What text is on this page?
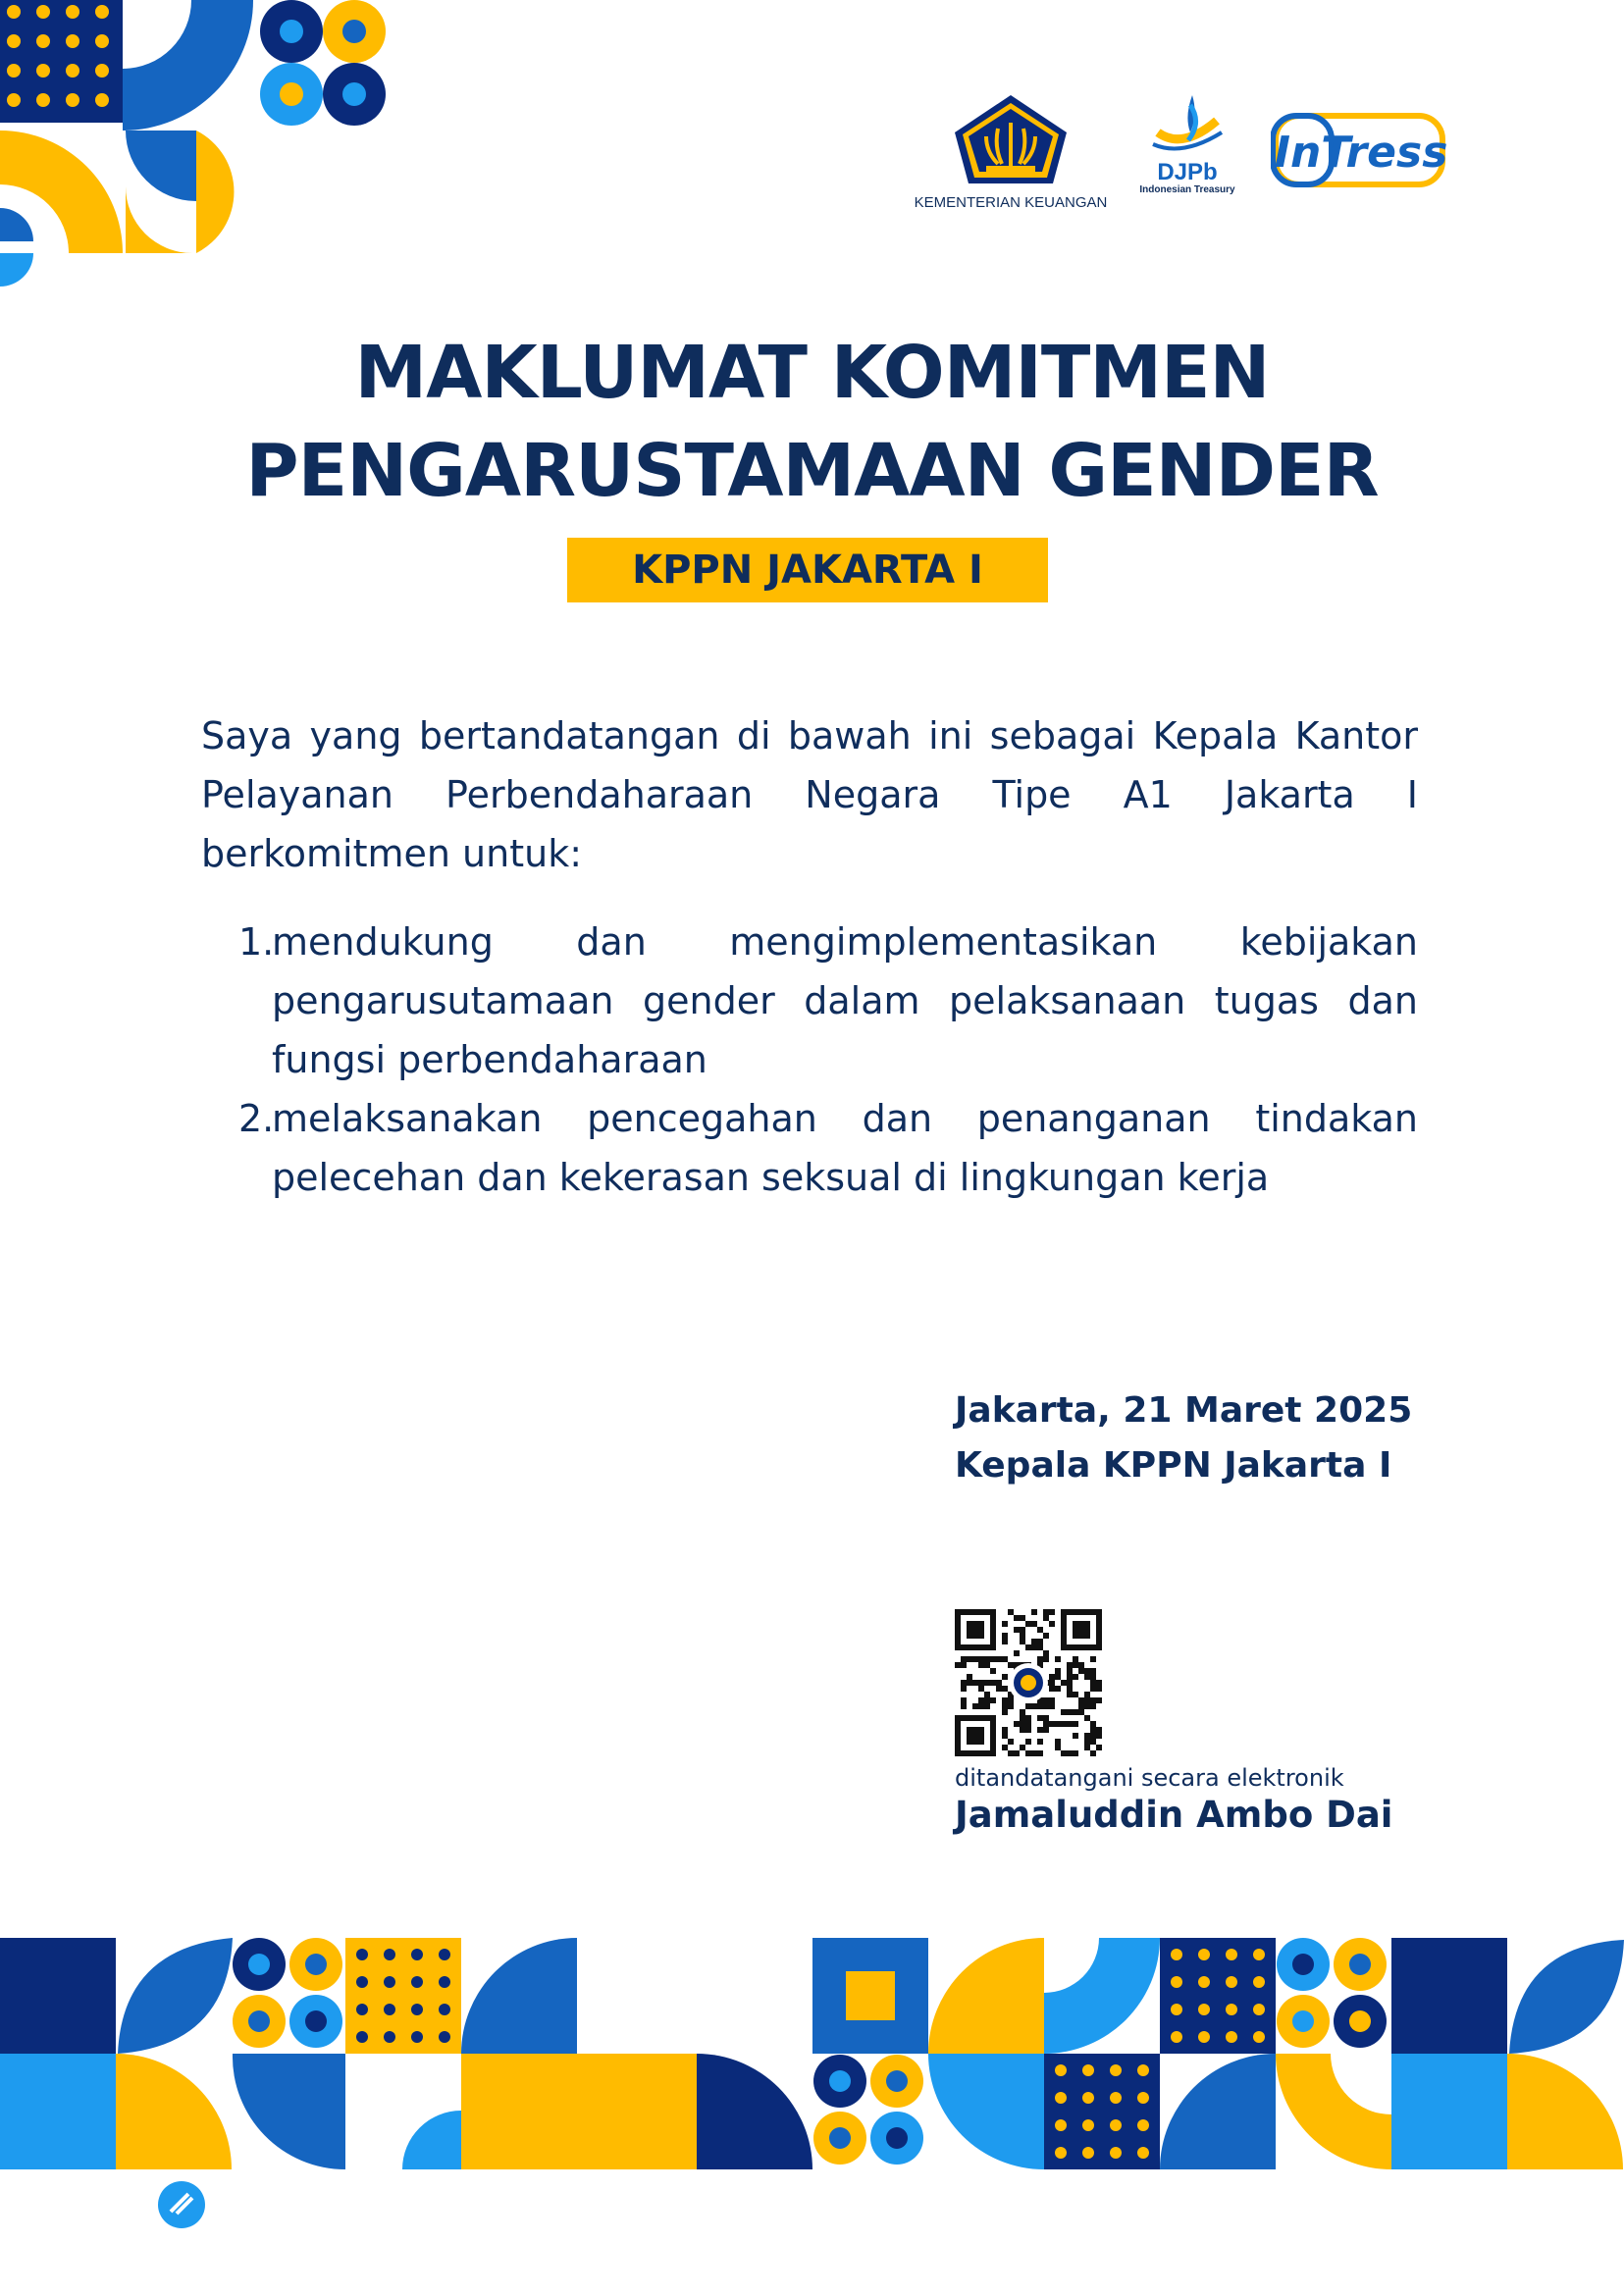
KEMENTERIAN KEUANGAN
DJPb
Indonesian Treasury
InTress
MAKLUMAT KOMITMEN
PENGARUSTAMAAN GENDER
KPPN JAKARTA I
Saya yang bertandatangan di bawah ini sebagai Kepala Kantor Pelayanan Perbendaharaan Negara Tipe A1 Jakarta I berkomitmen untuk:
1.
mendukung dan mengimplementasikan kebijakan pengarusutamaan gender dalam pelaksanaan tugas dan fungsi perbendaharaan
2.
melaksanakan pencegahan dan penanganan tindakan pelecehan dan kekerasan seksual di lingkungan kerja
Jakarta, 21 Maret 2025
Kepala KPPN Jakarta I
ditandatangani secara elektronik
Jamaluddin Ambo Dai
